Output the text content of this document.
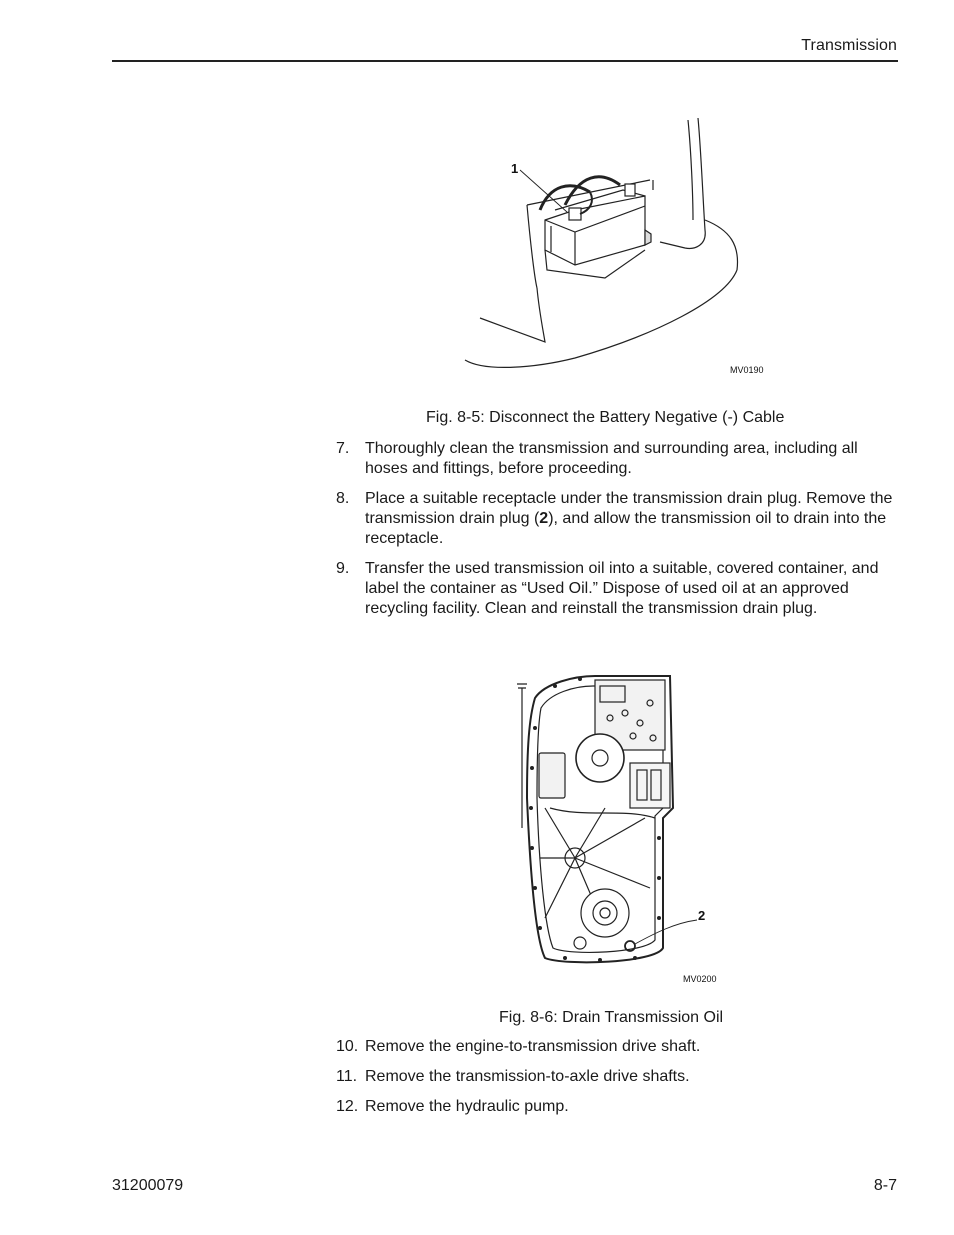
Transmission
1
MV0190
Fig. 8-5: Disconnect the Battery Negative (-) Cable
7. Thoroughly clean the transmission and surrounding area, including all hoses and fittings, before proceeding.
8. Place a suitable receptacle under the transmission drain plug. Remove the transmission drain plug (2), and allow the transmission oil to drain into the receptacle.
9. Transfer the used transmission oil into a suitable, covered container, and label the container as “Used Oil.” Dispose of used oil at an approved recycling facility. Clean and reinstall the transmission drain plug.
2
MV0200
Fig. 8-6: Drain Transmission Oil
10. Remove the engine-to-transmission drive shaft.
11. Remove the transmission-to-axle drive shafts.
12. Remove the hydraulic pump.
31200079	8-7
